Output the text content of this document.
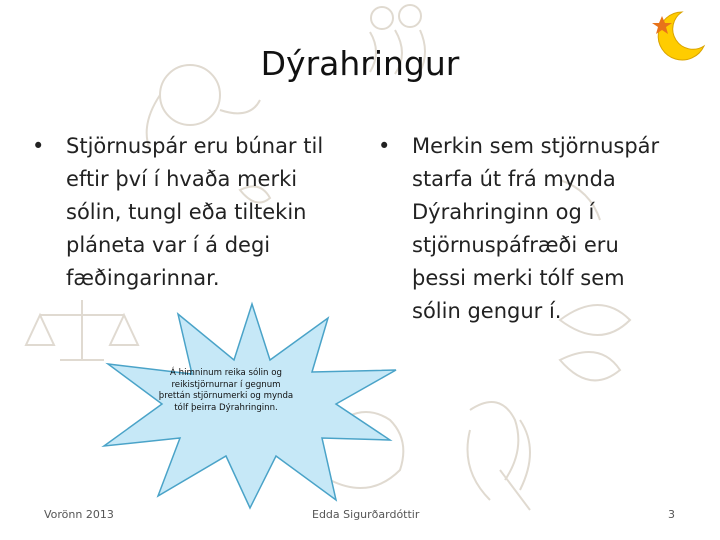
Dýrahringur
•	Stjörnuspár eru búnar til
eftir því í hvaða merki
sólin, tungl eða tiltekin
pláneta var í á degi
fæðingarinnar.
•	Merkin sem stjörnuspár
starfa út frá mynda
Dýrahringinn og í
stjörnuspáfræði eru
þessi merki tólf sem
sólin gengur í.
Á himninum reika sólin og
reikistjörnurnar í gegnum
þrettán stjörnumerki og mynda
tólf þeirra Dýrahringinn.
Vorönn 2013	Edda Sigurðardóttir	3
